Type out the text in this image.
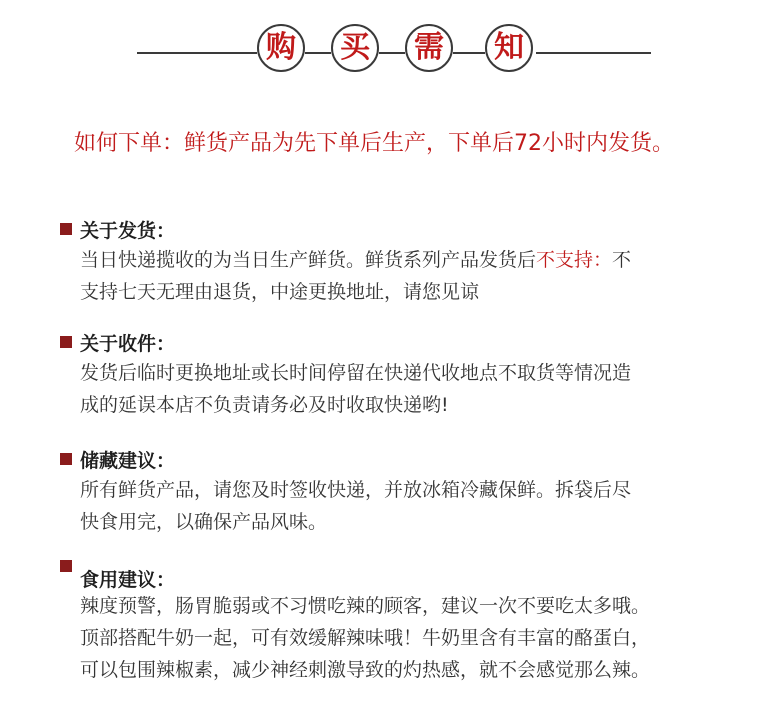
购	买	需	知
如何下单：鲜货产品为先下单后生产，下单后72小时内发货。
关于发货：
当日快递揽收的为当日生产鲜货。鲜货系列产品发货后不支持：不
支持七天无理由退货，中途更换地址，请您见谅
关于收件：
发货后临时更换地址或长时间停留在快递代收地点不取货等情况造
成的延误本店不负责请务必及时收取快递哟!
储藏建议：
所有鲜货产品，请您及时签收快递，并放冰箱冷藏保鲜。拆袋后尽
快食用完，以确保产品风味。
食用建议：
辣度预警，肠胃脆弱或不习惯吃辣的顾客，建议一次不要吃太多哦。
顶部搭配牛奶一起，可有效缓解辣味哦！牛奶里含有丰富的酪蛋白，
可以包围辣椒素，减少神经刺激导致的灼热感，就不会感觉那么辣。
